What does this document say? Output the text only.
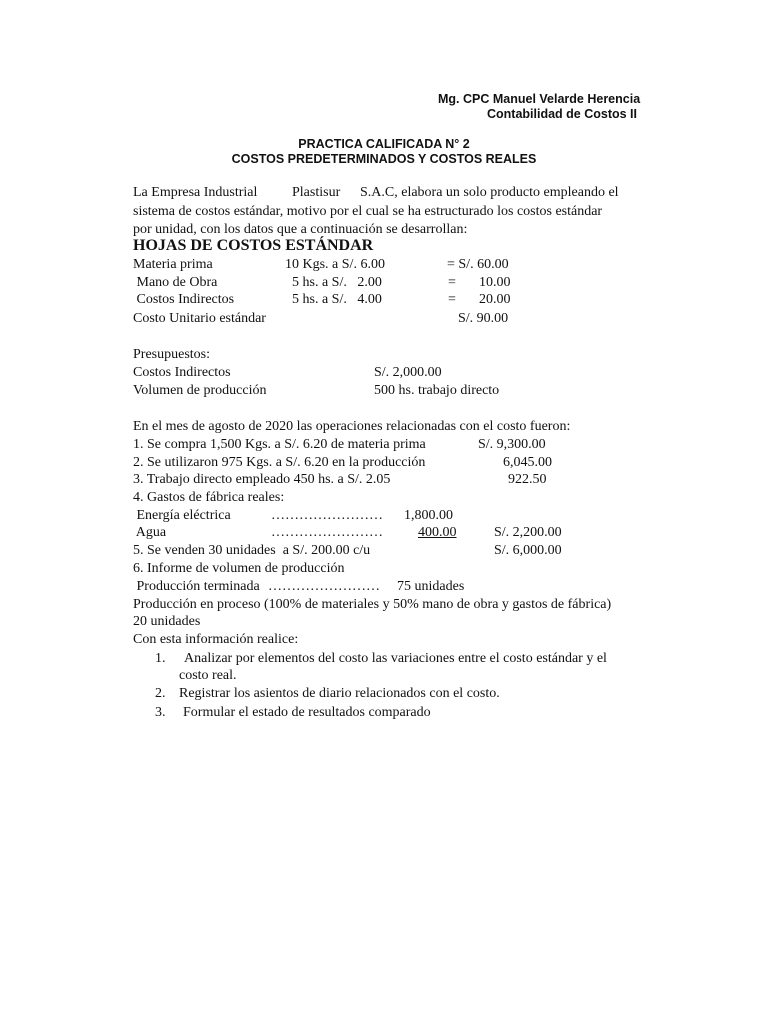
Mg. CPC Manuel Velarde Herencia
Contabilidad de Costos II
PRACTICA CALIFICADA N° 2
COSTOS PREDETERMINADOS Y COSTOS REALES
La Empresa Industrial Plastisur S.A.C, elabora un solo producto empleando el
sistema de costos estándar, motivo por el cual se ha estructurado los costos estándar
por unidad, con los datos que a continuación se desarrollan:
HOJAS DE COSTOS ESTÁNDAR
Materia prima	10 Kgs. a S/. 6.00	= S/. 60.00
Mano de Obra	5 hs. a S/.   2.00	= 10.00
Costos Indirectos	5 hs. a S/.   4.00	= 20.00
Costo Unitario estándar	S/. 90.00
Presupuestos:
Costos Indirectos	S/. 2,000.00
Volumen de producción	500 hs. trabajo directo
En el mes de agosto de 2020 las operaciones relacionadas con el costo fueron:
1. Se compra 1,500 Kgs. a S/. 6.20 de materia prima	S/. 9,300.00
2. Se utilizaron 975 Kgs. a S/. 6.20 en la producción	6,045.00
3. Trabajo directo empleado 450 hs. a S/. 2.05	922.50
4. Gastos de fábrica reales:
Energía eléctrica	…………………… 1,800.00
Agua	……………………	400.00	S/. 2,200.00
5. Se venden 30 unidades  a S/. 200.00 c/u	S/. 6,000.00
6. Informe de volumen de producción
Producción terminada …………………… 75 unidades
Producción en proceso (100% de materiales y 50% mano de obra y gastos de fábrica)
20 unidades
Con esta información realice:
1. Analizar por elementos del costo las variaciones entre el costo estándar y el
costo real.
2. Registrar los asientos de diario relacionados con el costo.
3. Formular el estado de resultados comparado
